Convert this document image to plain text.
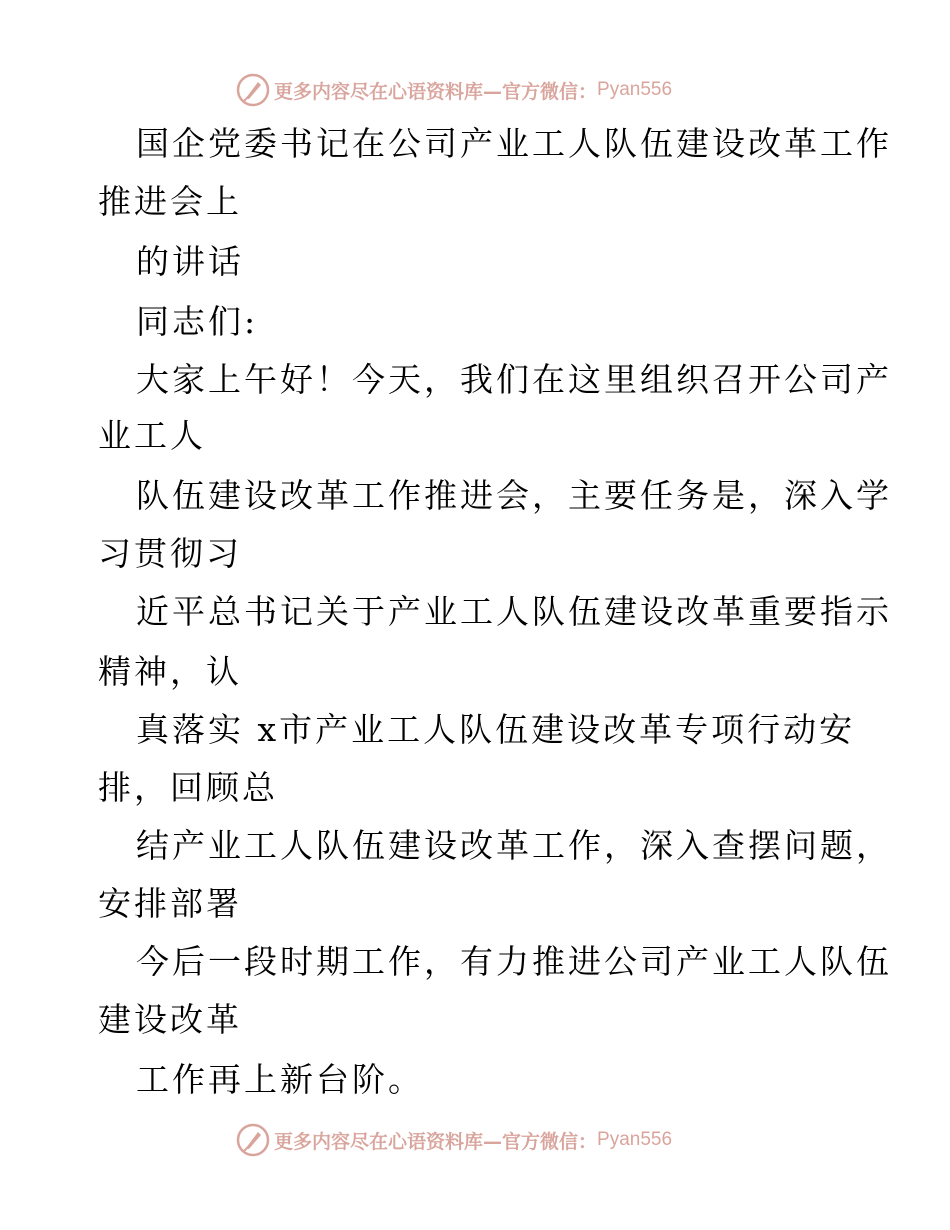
更多内容尽在心语资料库—官方微信： Pyan556
国企党委书记在公司产业工人队伍建设改革工作
推进会上
的讲话
同志们:
大家上午好！今天，我们在这里组织召开公司产
业工人
队伍建设改革工作推进会，主要任务是，深入学
习贯彻习
近平总书记关于产业工人队伍建设改革重要指示
精神，认
真落实 x市产业工人队伍建设改革专项行动安
排，回顾总
结产业工人队伍建设改革工作，深入查摆问题，
安排部署
今后一段时期工作，有力推进公司产业工人队伍
建设改革
工作再上新台阶。
更多内容尽在心语资料库—官方微信： Pyan556
